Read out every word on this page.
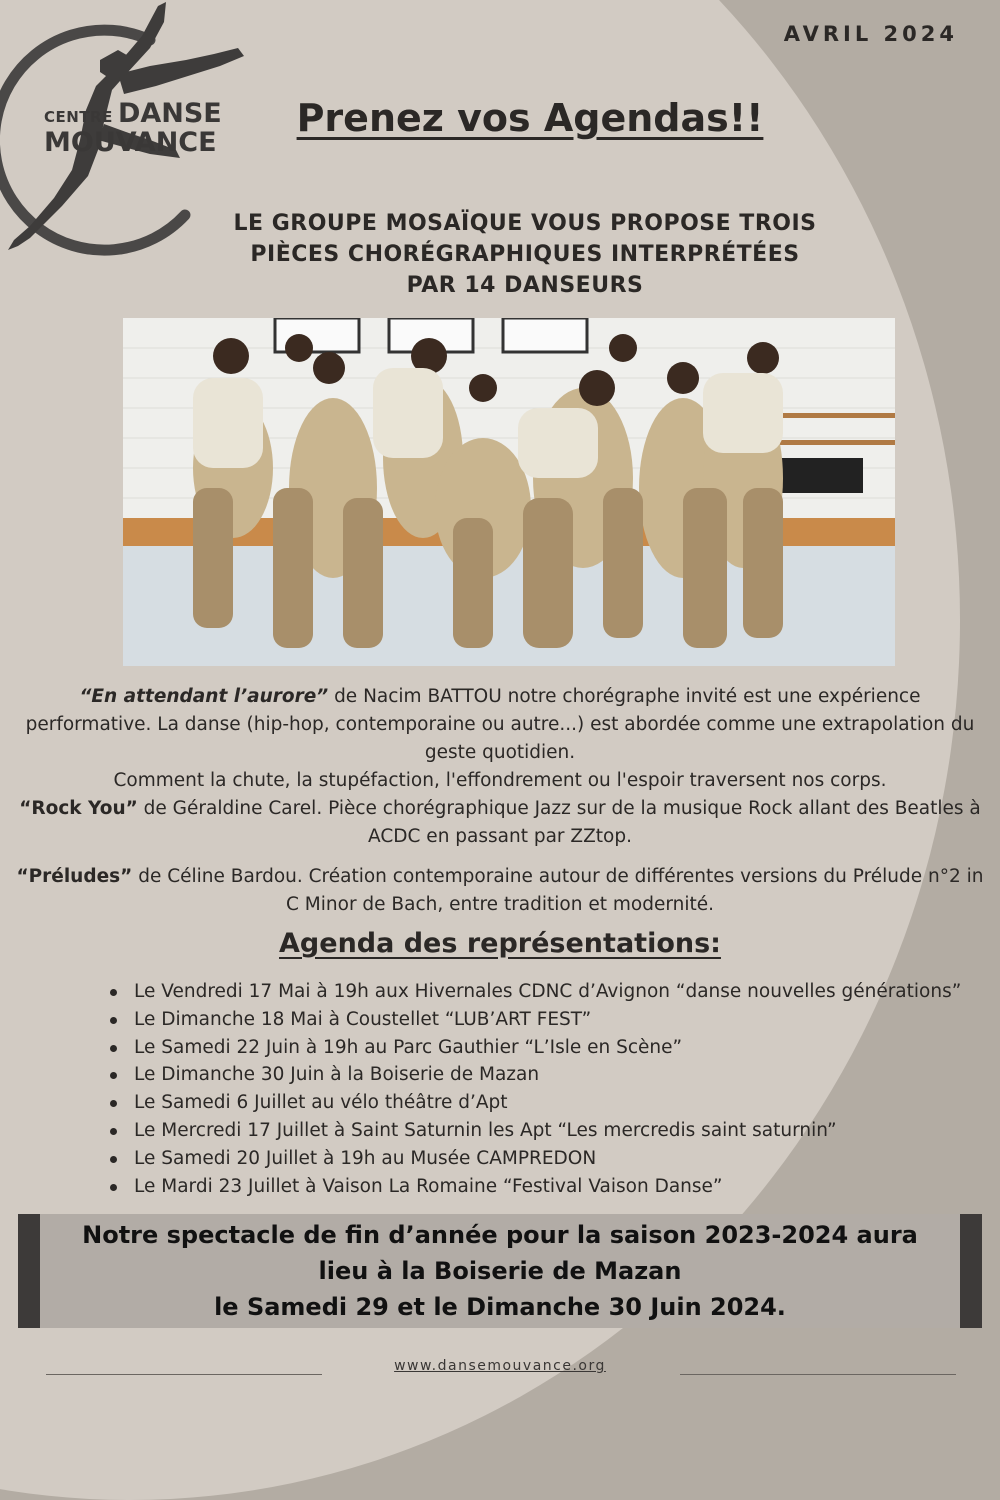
CENTRE DANSE
MOUVANCE
AVRIL 2024
Prenez vos Agendas!!
LE GROUPE MOSAÏQUE VOUS PROPOSE TROIS
PIÈCES CHORÉGRAPHIQUES INTERPRÉTÉES
PAR 14 DANSEURS

“En attendant l’aurore” de Nacim BATTOU notre chorégraphe invité est une expérience performative. La danse (hip-hop, contemporaine ou autre...) est abordée comme une extrapolation du geste quotidien.

Comment la chute, la stupéfaction, l'effondrement ou l'espoir traversent nos corps.

“Rock You” de Géraldine Carel. Pièce chorégraphique Jazz sur de la musique Rock allant des Beatles à ACDC en passant par ZZtop.

“Préludes” de Céline Bardou. Création contemporaine autour de différentes versions du Prélude n°2 in C Minor de Bach, entre tradition et modernité.

Agenda des représentations:
Le Vendredi 17 Mai à 19h aux Hivernales CDNC d’Avignon “danse nouvelles générations”
Le Dimanche 18 Mai à Coustellet “LUB’ART FEST”
Le Samedi 22 Juin à 19h au Parc Gauthier “L’Isle en Scène”
Le Dimanche 30 Juin à la Boiserie de Mazan
Le Samedi 6 Juillet au vélo théâtre d’Apt
Le Mercredi 17 Juillet à Saint Saturnin les Apt “Les mercredis saint saturnin”
Le Samedi 20 Juillet à 19h au Musée CAMPREDON
Le Mardi 23 Juillet à Vaison La Romaine “Festival Vaison Danse”
Notre spectacle de fin d’année pour la saison 2023-2024 aura
lieu à la Boiserie de Mazan
le Samedi 29 et le Dimanche 30 Juin 2024.
www.dansemouvance.org
